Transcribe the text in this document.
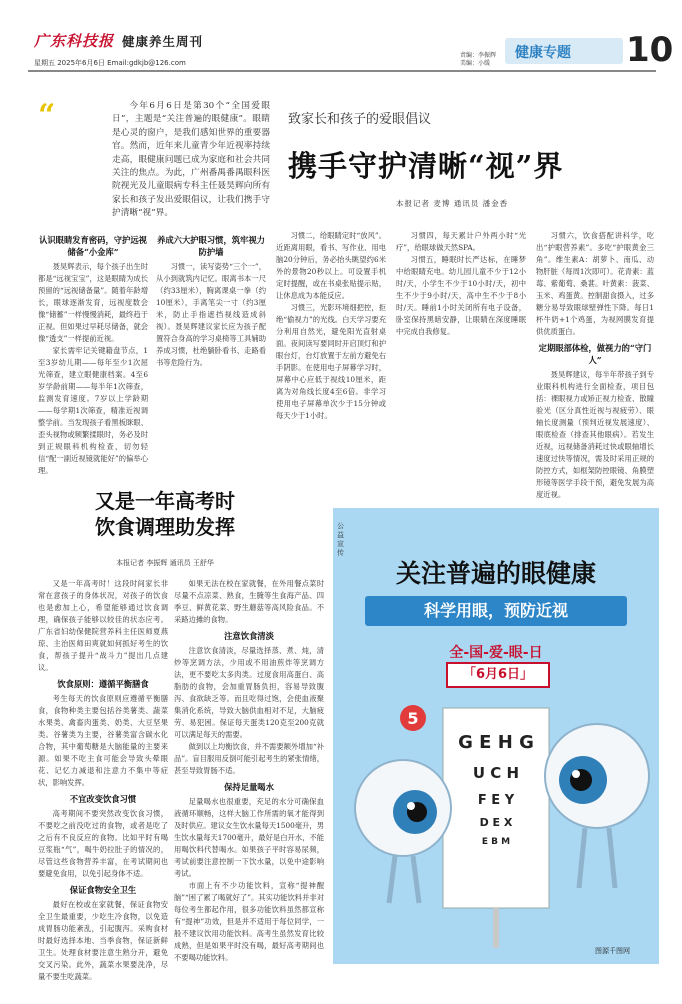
广东科技报 健康养生周刊
星期五 2025年6月6日 Email:gdkjb@126.com
责编：李振辉
美编：小缓
健康专题 10
“	今年6月6日是第30个“全国爱眼日”，主题是“关注普遍的眼健康”。眼睛是心灵的窗户，是我们感知世界的重要器官。然而，近年来儿童青少年近视率持续走高，眼健康问题已成为家庭和社会共同关注的焦点。为此，广州番禺番禺眼科医院视光及儿童眼病专科主任聂昊辉向所有家长和孩子发出爱眼倡议，让我们携手守护清晰“视”界。
致家长和孩子的爱眼倡议
携手守护清晰“视”界
本报记者 麦博 通讯员 潘金香
认识眼睛发育密码，守护远视储备“小金库”

聂昊辉表示，每个孩子出生时都是“远视宝宝”，这是眼睛为成长预留的“远视储备量”。随着年龄增长，眼球逐渐发育，远视度数会像“储蓄”一样慢慢消耗，最终趋于正视。但如果过早耗尽储备，就会像“透支”一样提前近视。

家长需牢记关键籍盘节点，1至3岁幼儿期——每年至少1次屈光筛查，建立眼健康档案。4至6岁学龄前期——每半年1次筛查，监测发育速度。7岁以上学龄期——每学期1次筛查，精准近视调整学前。当发现孩子看黑板眯眼、歪头视物或频繁揉眼时，务必及时到正规眼科机构检查，切勿轻信“配一副近视镜就能好”的偏举心理。

养成六大护眼习惯，筑牢视力防护墙

习惯一，读写姿势“三个一”，从小到就筑内记忆。眼离书本一尺（约33厘米），胸离课桌一拳（约10厘米），手离笔尖一寸（约3厘米，防止手指遮挡视线造成斜视）。聂昊辉建议家长应为孩子配置符合身高的学习桌椅等工具辅助养成习惯，杜绝躺卧看书、走路看书等危险行为。

习惯二，给眼睛定时“放风”。近距离用眼，看书、写作业、用电脑20分钟后，务必抬头眺望约6米外的景物20秒以上。可设置手机定时提醒，或在书桌张贴提示贴，让休息成为本能反应。

习惯三，光影环境细把控，拒绝“偷视力”的光线。白天学习要充分利用自然光，避免阳光直射桌面。夜间读写要同时开启顶灯和护眼台灯，台灯放置于左前方避免右手阴影。在使用电子屏幕学习时，屏幕中心应低于视线10厘米，距离为对角线长度4至6倍。非学习使用电子屏幕单次少于15分钟或每天少于1小时。

习惯四，每天累计户外两小时“光疗”，给眼球做天然SPA。

习惯五，睡眠时长严达标，在睡梦中给眼睛充电。幼儿园儿童不少于12小时/天，小学生不少于10小时/天，初中生不少于9小时/天，高中生不少于8小时/天。睡前1小时关闭所有电子设备，卧室保持黑暗安静，让眼睛在深度睡眠中完成自我修复。

习惯六，饮食搭配讲科学，吃出“护眼营养素”。多吃“护眼黄金三角”。维生素A：胡萝卜、南瓜、动物肝脏（每周1次即可）。花青素：蓝莓、紫葡萄、桑葚。叶黄素：菠菜、玉米、鸡蛋黄。控制甜食摄入，过多糖分易导致眼球壁弹性下降。每日1杯牛奶+1个鸡蛋，为视网膜发育提供优质蛋白。

定期眼部体检，做视力的“守门人”

聂昊辉建议，每半年带孩子到专业眼科机构进行全面检查，项目包括：裸眼视力或矫正视力检查、散瞳验光（区分真性近视与视疲劳）、眼轴长度测量（预判近视发展速度）、眼底检查（排查其他眼病）。若发生近视，远视储备消耗过快或眼轴增长速度过快等情况，需及时采用正规的防控方式，如框架防控眼镜、角膜塑形镜等医学手段干预，避免发展为高度近视。

又是一年高考时
饮食调理助发挥
本报记者 李振辉 通讯员 王舒华

又是一年高考时！这段时间家长非常在意孩子的身体状况，对孩子的饮食也是愈加上心，希望能够通过饮食调理，确保孩子能够以较佳的状态应考。广东省妇幼保健院营养科主任医师夏燕琼、主治医师田爽就如何抓好考生的饮食，帮孩子提升“战斗力”提出几点建议。

饮食原则：遵循平衡膳食

考生每天的饮食原则应遵循平衡膳食，食物种类主要包括谷类薯类、蔬菜水果类、禽畜肉蛋类、奶类、大豆坚果类。谷薯类为主要，谷薯类富含碳水化合物，其中葡萄糖是大脑能量的主要来源。如果不吃主食可能会导致头晕眼花、记忆力减退和注意力不集中等症状，影响发挥。

不宜改变饮食习惯

高考期间不要突然改变饮食习惯，不要吃之前没吃过的食物，或者是吃了之后有不良反应的食物。比如平时有喝豆浆瓶“气”，喝牛奶拉肚子的情况的，尽管这些食物营养丰富，在考试期间也要避免食用，以免引起身体不适。

保证食物安全卫生

最好在校或在家就餐，保证食物安全卫生最重要，少吃生冷食物，以免造成胃肠功能紊乱，引起腹泻。采购食材时最好选择本地、当季食物，保证新鲜卫生。处理食材要注意生熟分开，避免交叉污染。此外，蔬菜水果要洗净，尽量不要生吃蔬菜。

如果无法在校在家就餐，在外用餐点菜时尽量不点凉菜、熟食，生腌等生食海产品、四季豆、鲜黄花菜、野生蘑菇等高风险食品。不采路边摊的食物。

注意饮食清淡

注意饮食清淡，尽量选择蒸、煮、炖，清炒等烹调方法，少用或不用油煎炸等烹调方法，更不要吃太多肉类。过度食用高蛋白、高脂肪的食物，会加重胃肠负担，容易导致腹泻、食欲缺乏等。而且吃得过饱，会使血液聚集消化系统，导致大脑供血相对不足，大脑疲劳、易犯困。保证每天蛋类120克至200克就可以满足每天的需要。

做到以上均衡饮食，并不需要额外增加“补品”。盲目服用反倒可能引起考生的紧张情绪，甚至导致胃肠不适。

保持足量喝水

足量喝水也很重要，充足的水分可确保血液循环顺畅，这样大脑工作所需的氧才能得到及时供应。建议女生饮水量每天1500毫升，男生饮水量每天1700毫升，最好是白开水，不能用喝饮料代替喝水。如果孩子平时容易尿频，考试前要注意控制一下饮水量，以免中途影响考试。

市面上有不少功能饮料，宣称“提神醒脑”“困了累了喝就好了”。其实功能饮料并非对每位考生都起作用，很多功能饮料虽然都宣称有“提神”功效，但是并不适用于每位同学，一般不建议饮用功能饮料。高考生虽然发育比较成熟，但是如果平时没有喝，最好高考期间也不要喝功能饮料。

公益宣传
关注普遍的眼健康
科学用眼，预防近视
全-国-爱-眼-日
「6月6日」
G E H G
U C H
F E Y
D E X
E B M
5
图源千图网
